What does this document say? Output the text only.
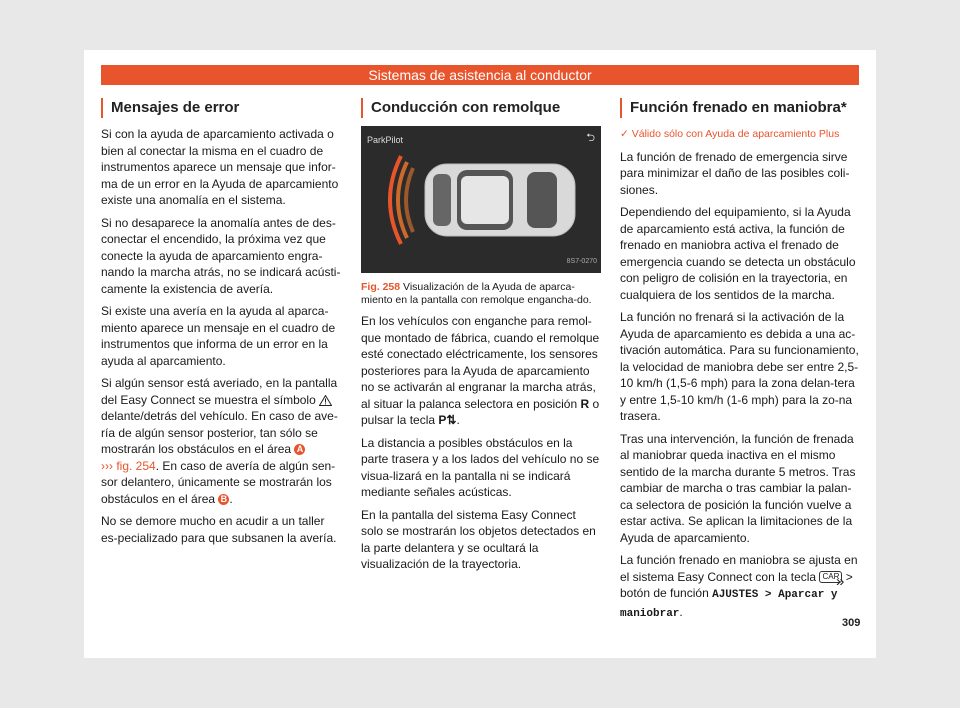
Sistemas de asistencia al conductor
Mensajes de error

Si con la ayuda de aparcamiento activada o bien al conectar la misma en el cuadro de instrumentos aparece un mensaje que infor-ma de un error en la Ayuda de aparcamiento existe una anomalía en el sistema.

Si no desaparece la anomalía antes de des-conectar el encendido, la próxima vez que conecte la ayuda de aparcamiento engra-nando la marcha atrás, no se indicará acústi-camente la existencia de avería.

Si existe una avería en la ayuda al aparca-miento aparece un mensaje en el cuadro de instrumentos que informa de un error en la ayuda al aparcamiento.

Si algún sensor está averiado, en la pantalla del Easy Connect se muestra el símbolo  delante/detrás del vehículo. En caso de ave-ría de algún sensor posterior, tan sólo se mostrarán los obstáculos en el área A
››› fig. 254. En caso de avería de algún sen-sor delantero, únicamente se mostrarán los obstáculos en el área B .

No se demore mucho en acudir a un taller es-pecializado para que subsanen la avería.

Conducción con remolque
ParkPilot	⮌
8S7-0270

Fig. 258 Visualización de la Ayuda de aparca-miento en la pantalla con remolque engancha-do.

En los vehículos con enganche para remol-que montado de fábrica, cuando el remolque esté conectado eléctricamente, los sensores posteriores para la Ayuda de aparcamiento no se activarán al engranar la marcha atrás, al situar la palanca selectora en posición R o pulsar la tecla P⇅.

La distancia a posibles obstáculos en la parte trasera y a los lados del vehículo no se visua-lizará en la pantalla ni se indicará mediante señales acústicas.

En la pantalla del sistema Easy Connect solo se mostrarán los objetos detectados en la parte delantera y se ocultará la visualización de la trayectoria.

Función frenado en maniobra*

✓ Válido sólo con Ayuda de aparcamiento Plus

La función de frenado de emergencia sirve para minimizar el daño de las posibles coli-siones.

Dependiendo del equipamiento, si la Ayuda de aparcamiento está activa, la función de frenado en maniobra activa el frenado de emergencia cuando se detecta un obstáculo con peligro de colisión en la trayectoria, en cualquiera de los sentidos de la marcha.

La función no frenará si la activación de la Ayuda de aparcamiento es debida a una ac-tivación automática. Para su funcionamiento, la velocidad de maniobra debe ser entre 2,5-10 km/h (1,5-6 mph) para la zona delan-tera y entre 1,5-10 km/h (1-6 mph) para la zo-na trasera.

Tras una intervención, la función de frenada al maniobrar queda inactiva en el mismo sentido de la marcha durante 5 metros. Tras cambiar de marcha o tras cambiar la palan-ca selectora de posición la función vuelve a estar activa. Se aplican la limitaciones de la Ayuda de aparcamiento.

La función frenado en maniobra se ajusta en el sistema Easy Connect con la tecla CAR > botón de función AJUSTES > Aparcar y maniobrar.

»
309
